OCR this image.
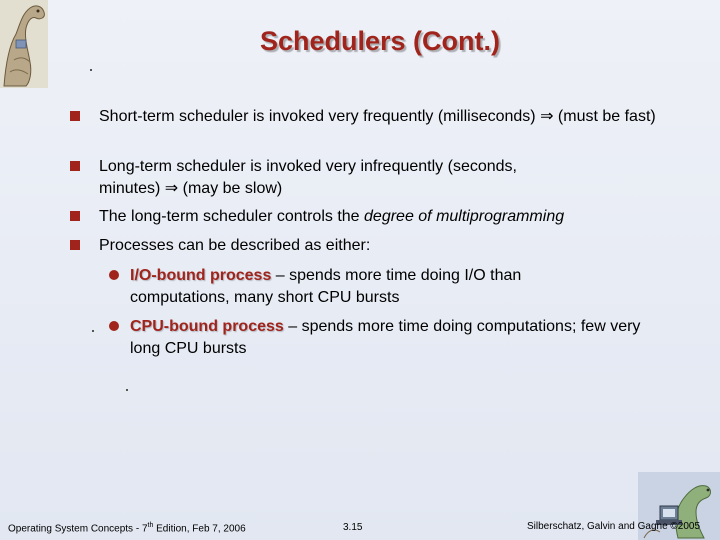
Schedulers (Cont.)
Short-term scheduler is invoked very frequently (milliseconds) ⇒ (must be fast)
Long-term scheduler is invoked very infrequently (seconds, minutes) ⇒ (may be slow)
The long-term scheduler controls the degree of multiprogramming
Processes can be described as either:
I/O-bound process – spends more time doing I/O than computations, many short CPU bursts
CPU-bound process – spends more time doing computations; few very long CPU bursts
Operating System Concepts - 7th Edition, Feb 7, 2006	3.15	Silberschatz, Galvin and Gagne ©2005
